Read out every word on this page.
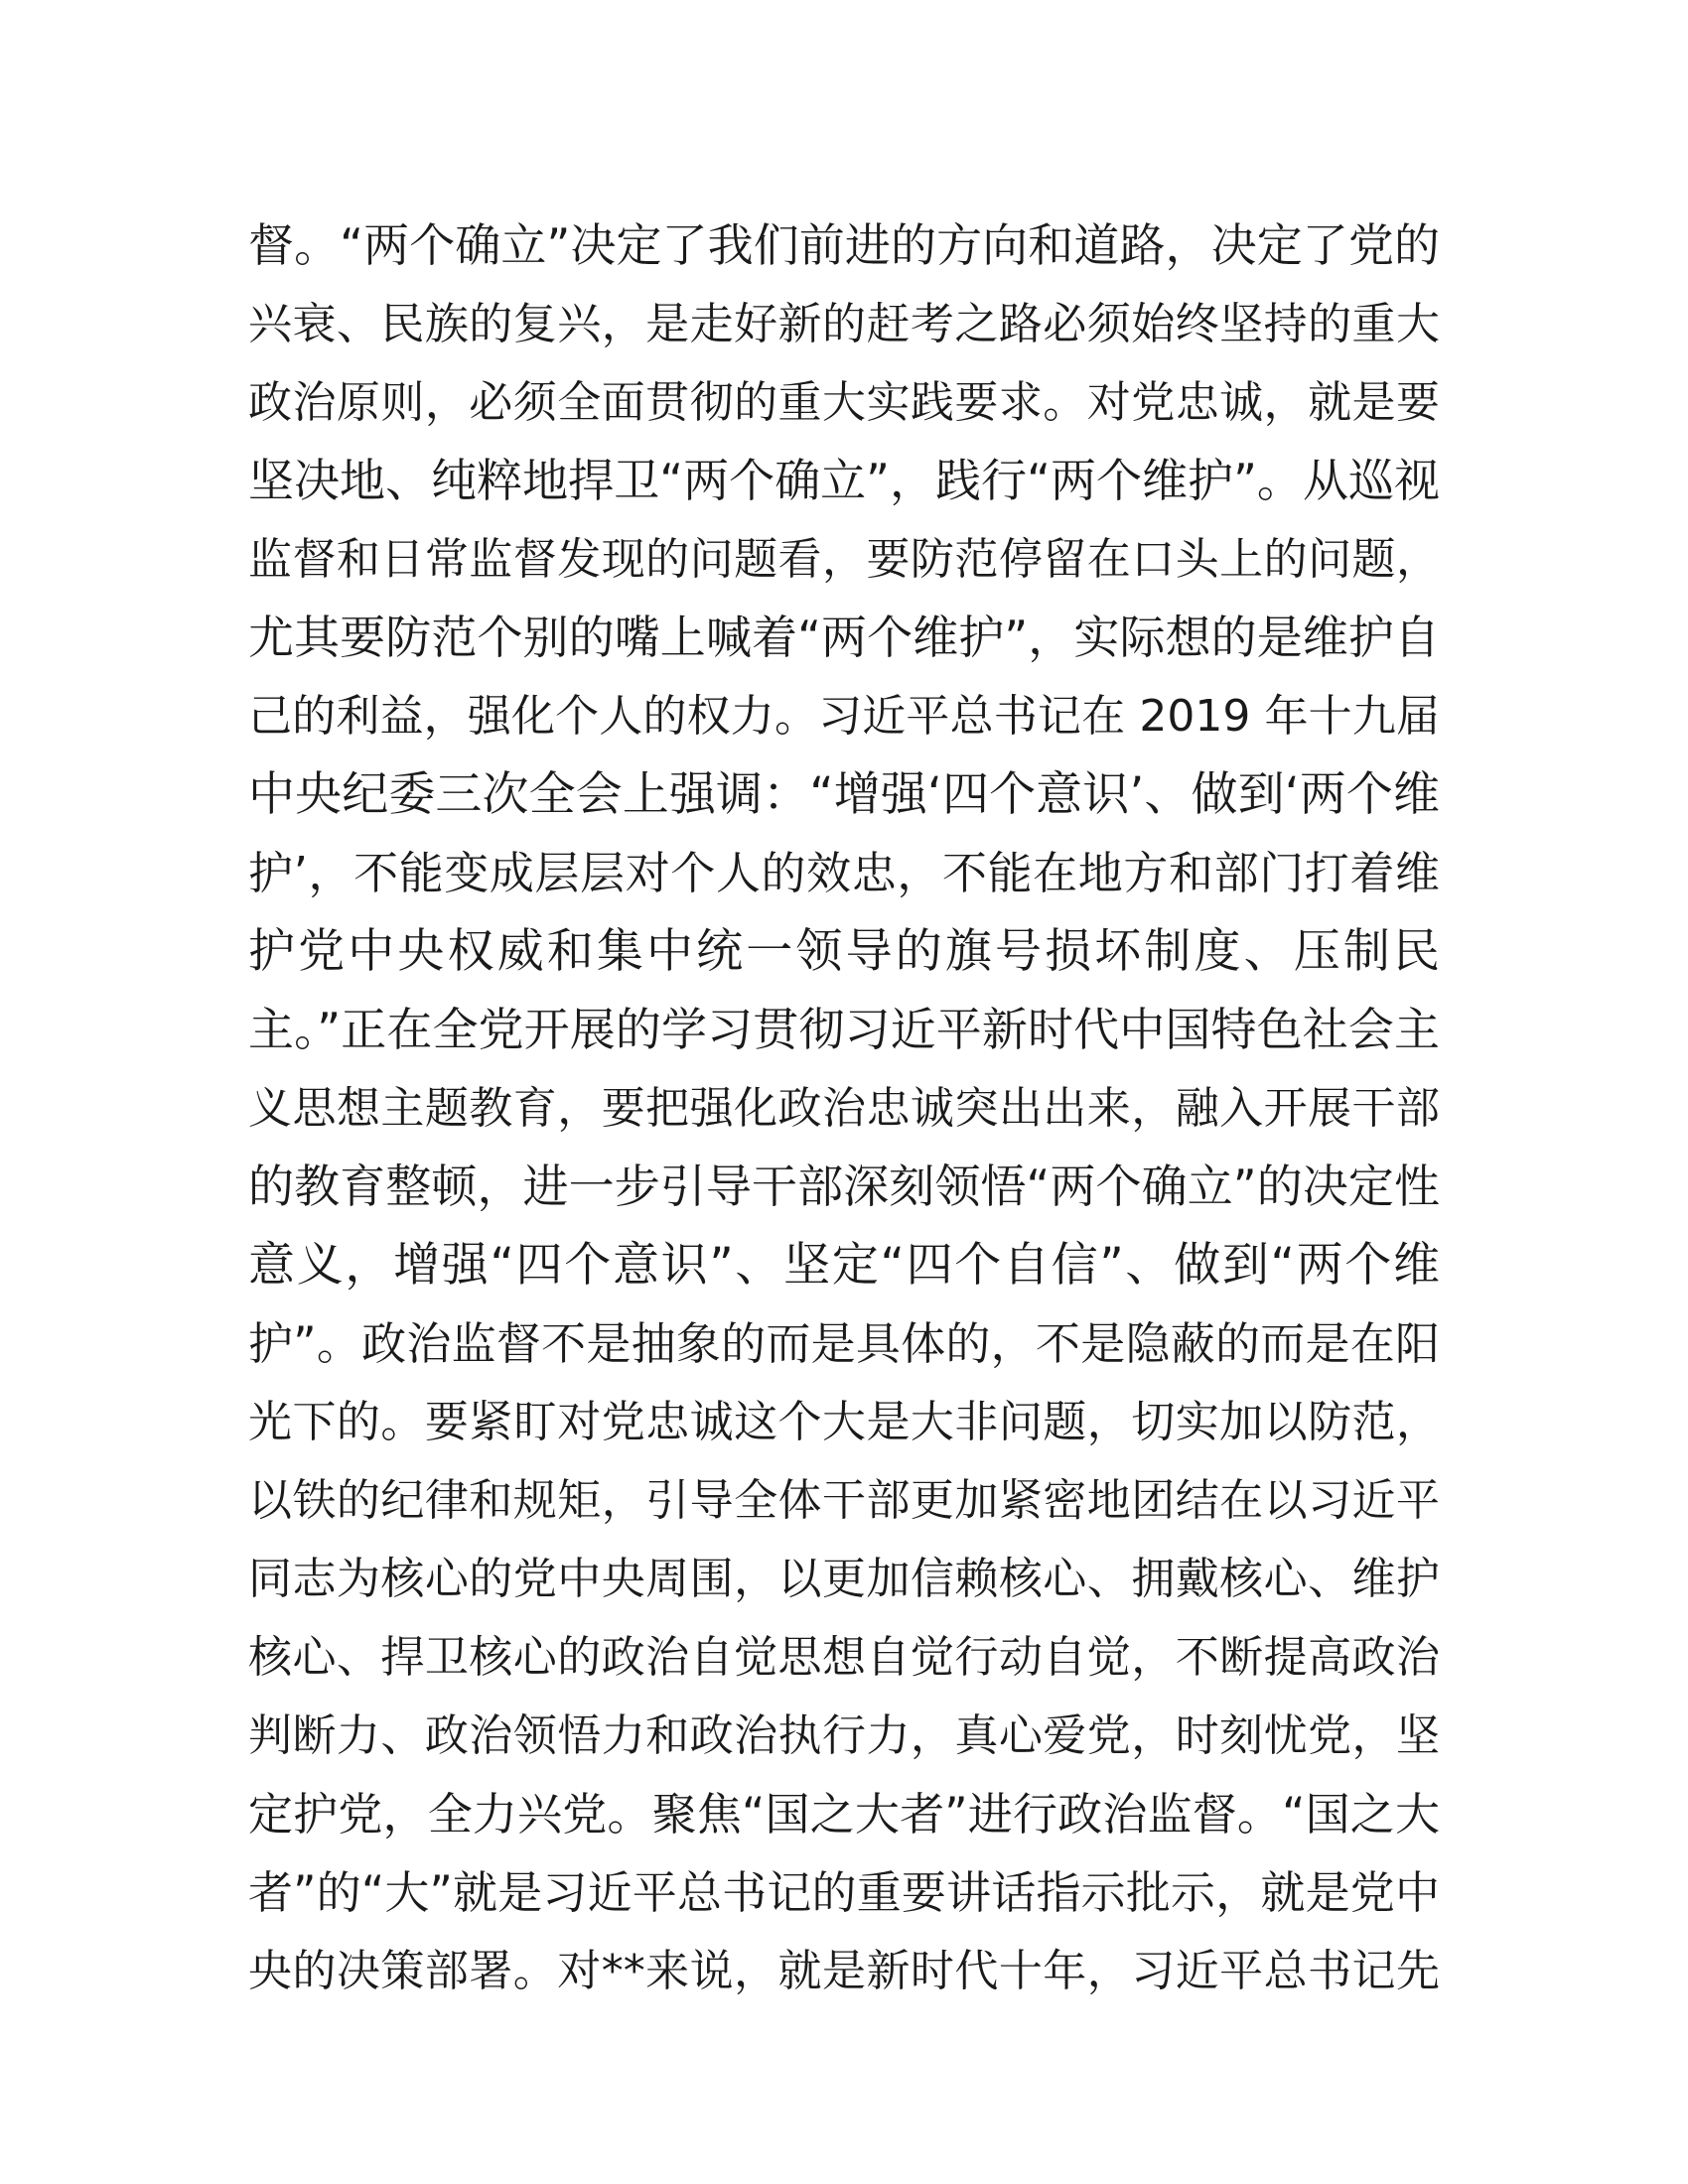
督。“两个确立”决定了我们前进的方向和道路，决定了党的
兴衰、民族的复兴，是走好新的赶考之路必须始终坚持的重大
政治原则，必须全面贯彻的重大实践要求。对党忠诚，就是要
坚决地、纯粹地捍卫“两个确立”，践行“两个维护”。从巡视
监督和日常监督发现的问题看，要防范停留在口头上的问题，
尤其要防范个别的嘴上喊着“两个维护”，实际想的是维护自
己的利益，强化个人的权力。习近平总书记在 2019 年十九届
中央纪委三次全会上强调：“增强‘四个意识’、做到‘两个维
护’，不能变成层层对个人的效忠，不能在地方和部门打着维
护党中央权威和集中统一领导的旗号损坏制度、压制民
主。”正在全党开展的学习贯彻习近平新时代中国特色社会主
义思想主题教育，要把强化政治忠诚突出出来，融入开展干部
的教育整顿，进一步引导干部深刻领悟“两个确立”的决定性
意义，增强“四个意识”、坚定“四个自信”、做到“两个维
护”。政治监督不是抽象的而是具体的，不是隐蔽的而是在阳
光下的。要紧盯对党忠诚这个大是大非问题，切实加以防范，
以铁的纪律和规矩，引导全体干部更加紧密地团结在以习近平
同志为核心的党中央周围，以更加信赖核心、拥戴核心、维护
核心、捍卫核心的政治自觉思想自觉行动自觉，不断提高政治
判断力、政治领悟力和政治执行力，真心爱党，时刻忧党，坚
定护党，全力兴党。聚焦“国之大者”进行政治监督。“国之大
者”的“大”就是习近平总书记的重要讲话指示批示，就是党中
央的决策部署。对**来说，就是新时代十年，习近平总书记先
